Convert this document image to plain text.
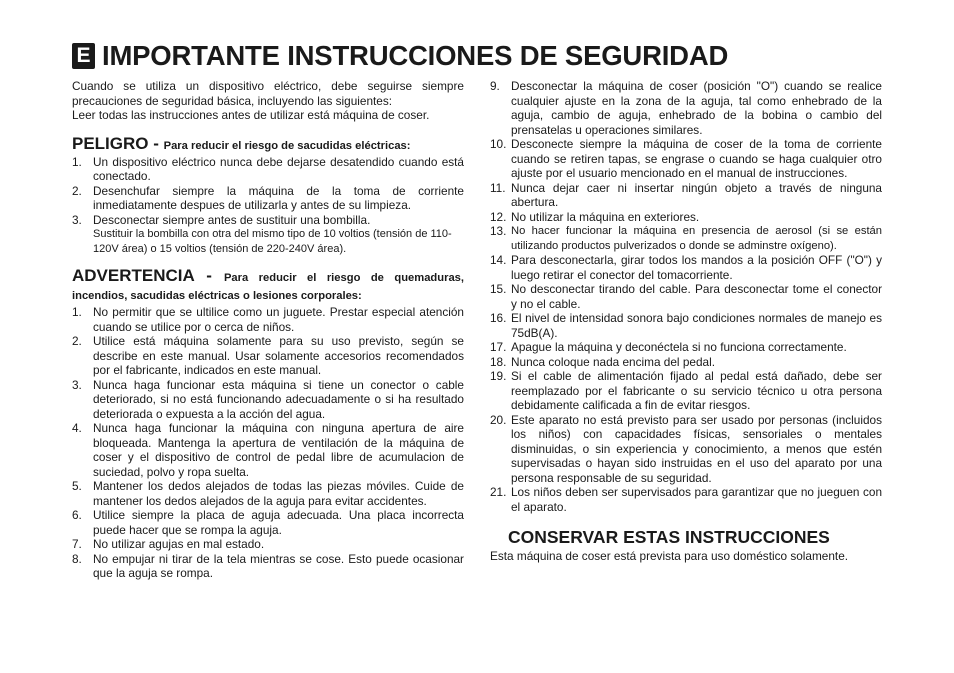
E IMPORTANTE INSTRUCCIONES DE SEGURIDAD

Cuando se utiliza un dispositivo eléctrico, debe seguirse siempre precauciones de seguridad básica, incluyendo las siguientes:

Leer todas las instrucciones antes de utilizar está máquina de coser.

PELIGRO - Para reducir el riesgo de sacudidas eléctricas:
1. Un dispositivo eléctrico nunca debe dejarse desatendido cuando está conectado.
2. Desenchufar siempre la máquina de la toma de corriente inmediatamente despues de utilizarla y antes de su limpieza.
3. Desconectar siempre antes de sustituir una bombilla.

Sustituir la bombilla con otra del mismo tipo de 10 voltios (tensión de 110-120V área) o 15 voltios (tensión de 220-240V área).

ADVERTENCIA - Para reducir el riesgo de quemaduras, incendios, sacudidas eléctricas o lesiones corporales:
1. No permitir que se ultilice como un juguete. Prestar especial atención cuando se utilice por o cerca de niños.
2. Utilice está máquina solamente para su uso previsto, según se describe en este manual. Usar solamente accesorios recomendados por el fabricante, indicados en este manual.
3. Nunca haga funcionar esta máquina si tiene un conector o cable deteriorado, si no está funcionando adecuadamente o si ha resultado deteriorada o expuesta a la acción del agua.
4. Nunca haga funcionar la máquina con ninguna apertura de aire bloqueada. Mantenga la apertura de ventilación de la máquina de coser y el dispositivo de control de pedal libre de acumulacion de suciedad, polvo y ropa suelta.
5. Mantener los dedos alejados de todas las piezas móviles. Cuide de mantener los dedos alejados de la aguja para evitar accidentes.
6. Utilice siempre la placa de aguja adecuada. Una placa incorrecta puede hacer que se rompa la aguja.
7. No utilizar agujas en mal estado.
8. No empujar ni tirar de la tela mientras se cose. Esto puede ocasionar que la aguja se rompa.
9. Desconectar la máquina de coser (posición "O") cuando se realice cualquier ajuste en la zona de la aguja, tal como enhebrado de la aguja, cambio de aguja, enhebrado de la bobina o cambio del prensatelas u operaciones similares.
10. Desconecte siempre la máquina de coser de la toma de corriente cuando se retiren tapas, se engrase o cuando se haga cualquier otro ajuste por el usuario mencionado en el manual de instrucciones.
11. Nunca dejar caer ni insertar ningún objeto a través de ninguna abertura.
12. No utilizar la máquina en exteriores.
13. No hacer funcionar la máquina en presencia de aerosol (si se están utilizando productos pulverizados o donde se adminstre oxígeno).
14. Para desconectarla, girar todos los mandos a la posición OFF ("O") y luego retirar el conector del tomacorriente.
15. No desconectar tirando del cable. Para desconectar tome el conector y no el cable.
16. El nivel de intensidad sonora bajo condiciones normales de manejo es 75dB(A).
17. Apague la máquina y deconéctela si no funciona correctamente.
18. Nunca coloque nada encima del pedal.
19. Si el cable de alimentación fijado al pedal está dañado, debe ser reemplazado por el fabricante o su servicio técnico u otra persona debidamente calificada a fin de evitar riesgos.
20. Este aparato no está previsto para ser usado por personas (incluidos los niños) con capacidades físicas, sensoriales o mentales disminuidas, o sin experiencia y conocimiento, a menos que estén supervisadas o hayan sido instruidas en el uso del aparato por una persona responsable de su seguridad.
21. Los niños deben ser supervisados para garantizar que no jueguen con el aparato.
CONSERVAR ESTAS INSTRUCCIONES

Esta máquina de coser está prevista para uso doméstico solamente.
